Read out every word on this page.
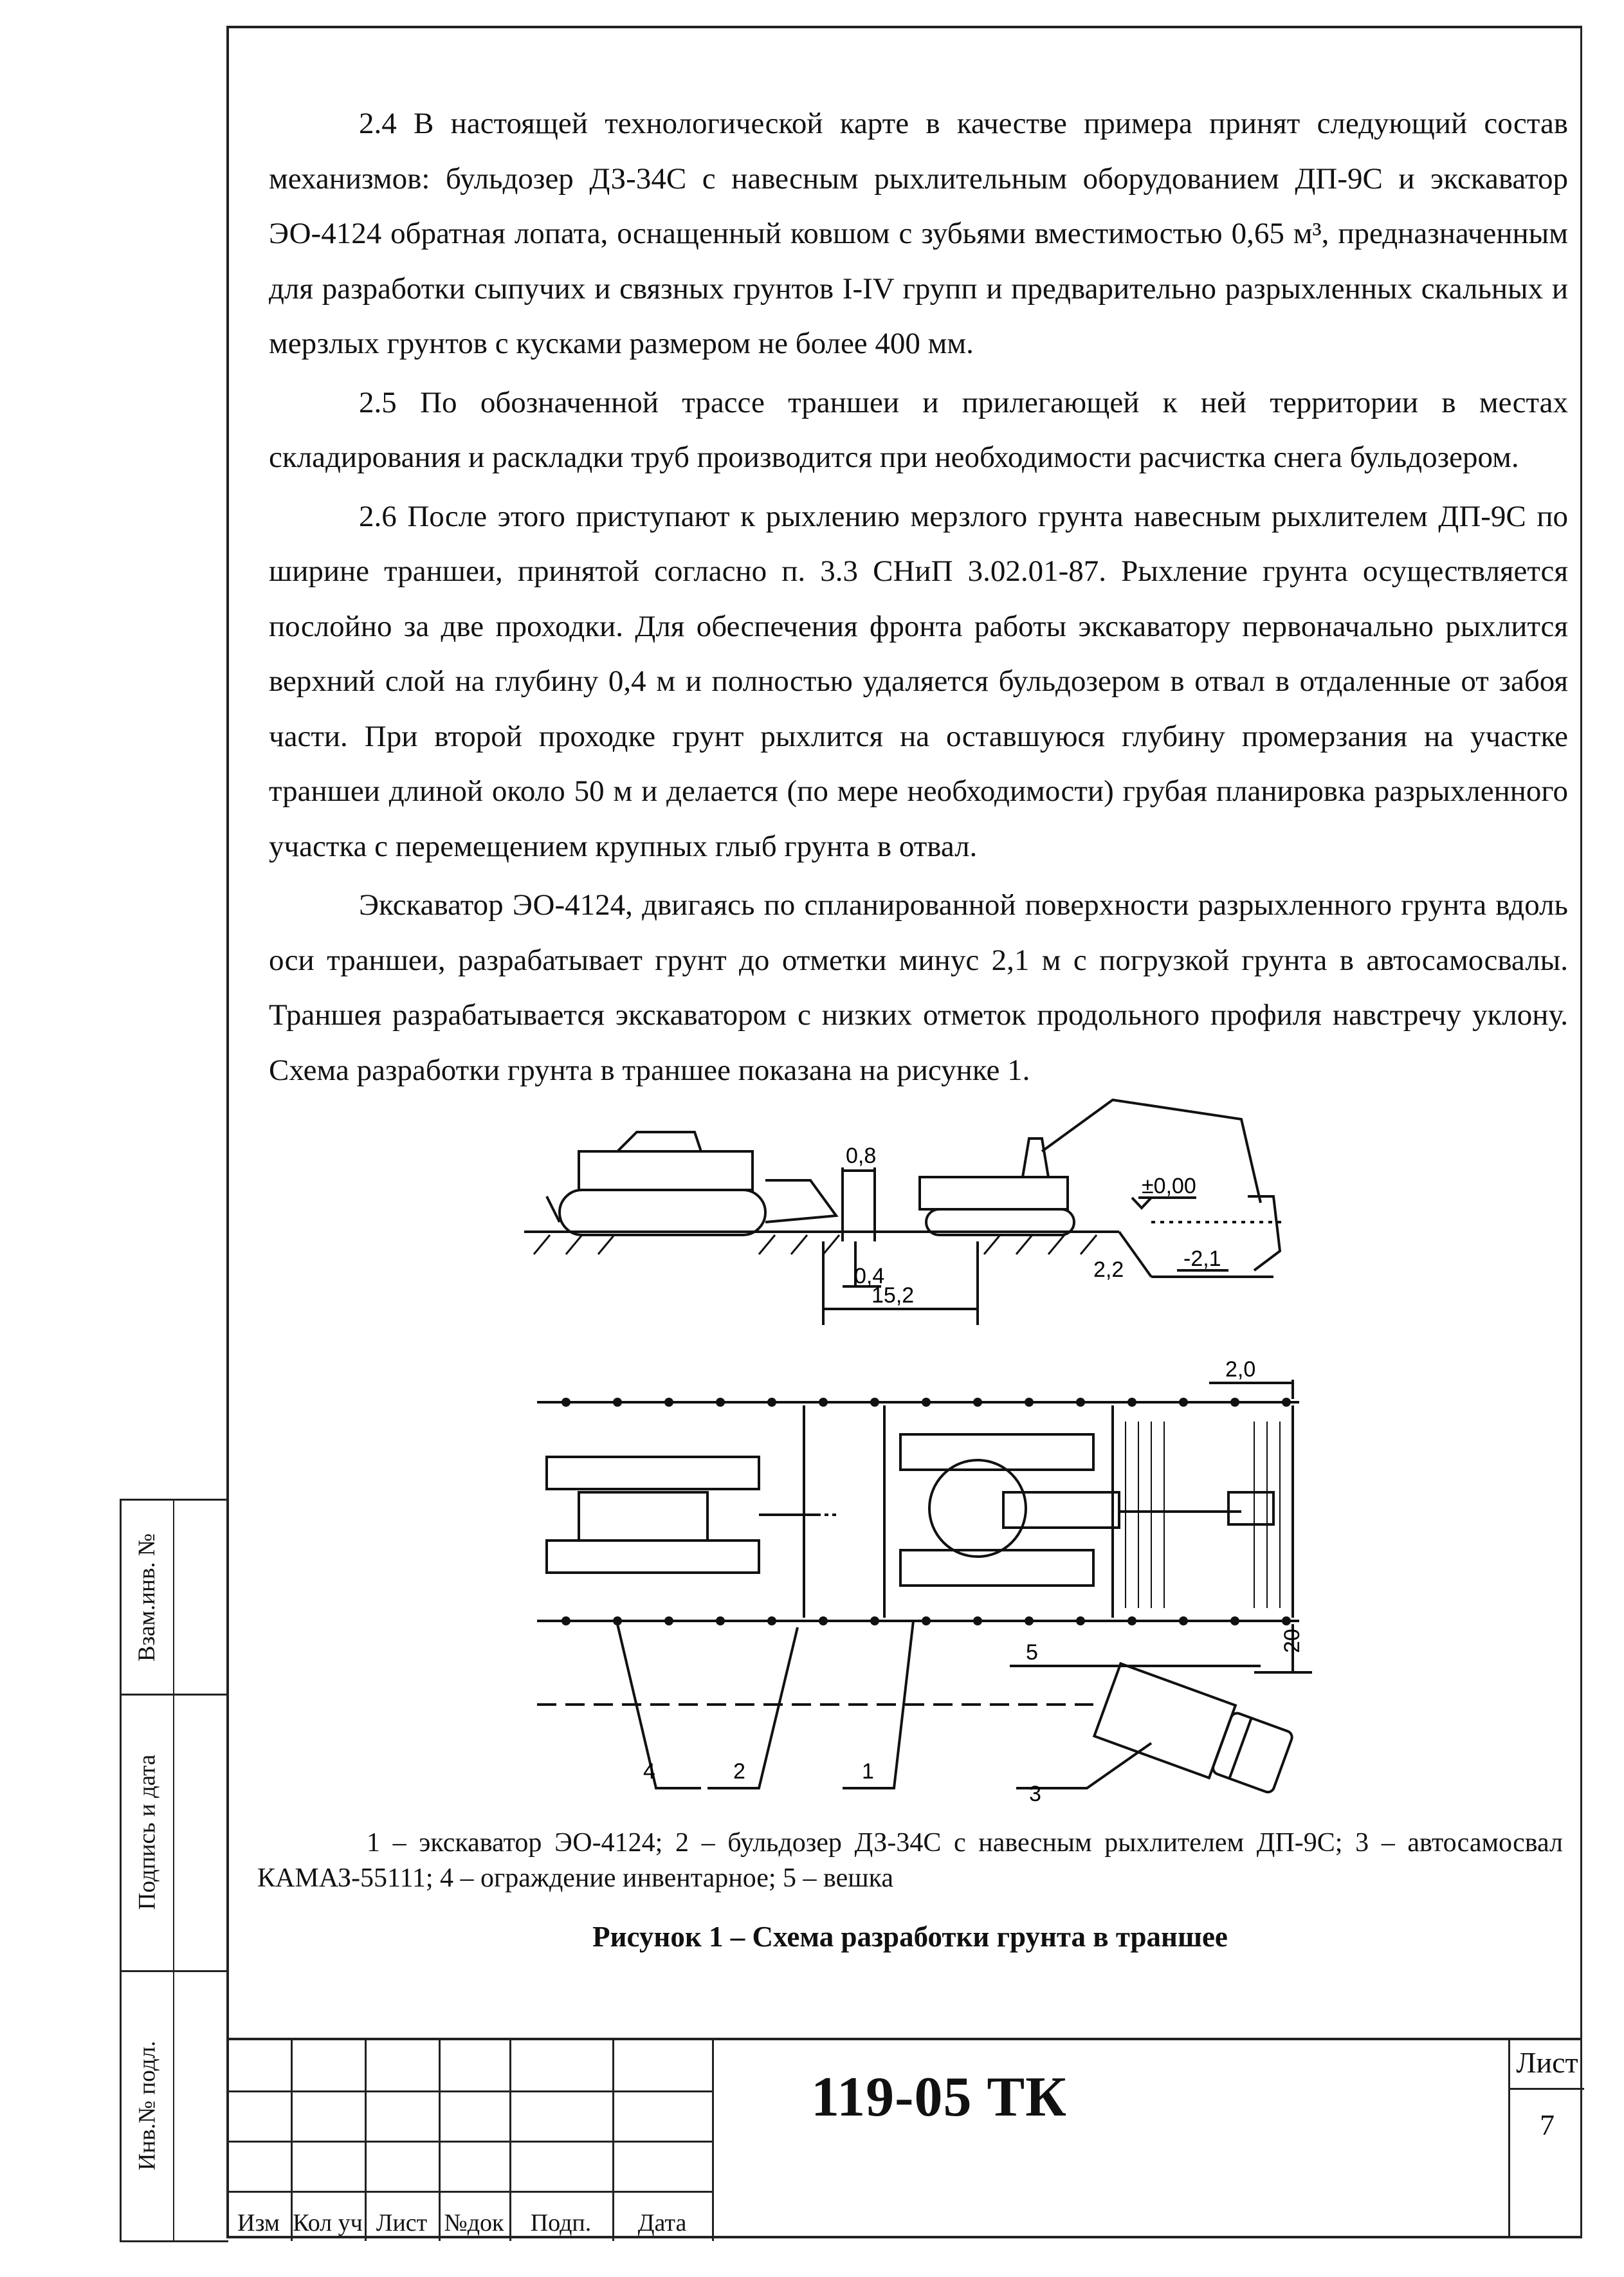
2.4 В настоящей технологической карте в качестве примера принят следующий состав механизмов: бульдозер ДЗ-34С с навесным рыхлительным оборудованием ДП-9С и экскаватор ЭО-4124 обратная лопата, оснащенный ковшом с зубьями вместимостью 0,65 м³, предназначенным для разработки сыпучих и связных грунтов I-IV групп и предварительно разрыхленных скальных и мерзлых грунтов с кусками размером не более 400 мм.

2.5 По обозначенной трассе траншеи и прилегающей к ней территории в местах складирования и раскладки труб производится при необходимости расчистка снега бульдозером.

2.6 После этого приступают к рыхлению мерзлого грунта навесным рыхлителем ДП-9С по ширине траншеи, принятой согласно п. 3.3 СНиП 3.02.01-87. Рыхление грунта осуществляется послойно за две проходки. Для обеспечения фронта работы экскаватору первоначально рыхлится верхний слой на глубину 0,4 м и полностью удаляется бульдозером в отвал в отдаленные от забоя части. При второй проходке грунт рыхлится на оставшуюся глубину промерзания на участке траншеи длиной около 50 м и делается (по мере необходимости) грубая планировка разрыхленного участка с перемещением крупных глыб грунта в отвал.

Экскаватор ЭО-4124, двигаясь по спланированной поверхности разрыхленного грунта вдоль оси траншеи, разрабатывает грунт до отметки минус 2,1 м с погрузкой грунта в автосамосвалы. Траншея разрабатывается экскаватором с низких отметок продольного профиля навстречу уклону. Схема разработки грунта в траншее показана на рисунке 1.

0,8
±0,00
0,4	2,2	-2,1
15,2
2,0
20
5
4	2	1
3
1 – экскаватор ЭО-4124; 2 – бульдозер ДЗ-34С с навесным рыхлителем ДП-9С; 3 – автосамосвал КАМАЗ-55111; 4 – ограждение инвентарное; 5 – вешка
Рисунок 1 – Схема разработки грунта в траншее
Взам.инв. №
Подпись и дата
Инв.№ подл.
Изм Кол уч Лист №док	Подп.	Дата
119-05 ТК
Лист
7
